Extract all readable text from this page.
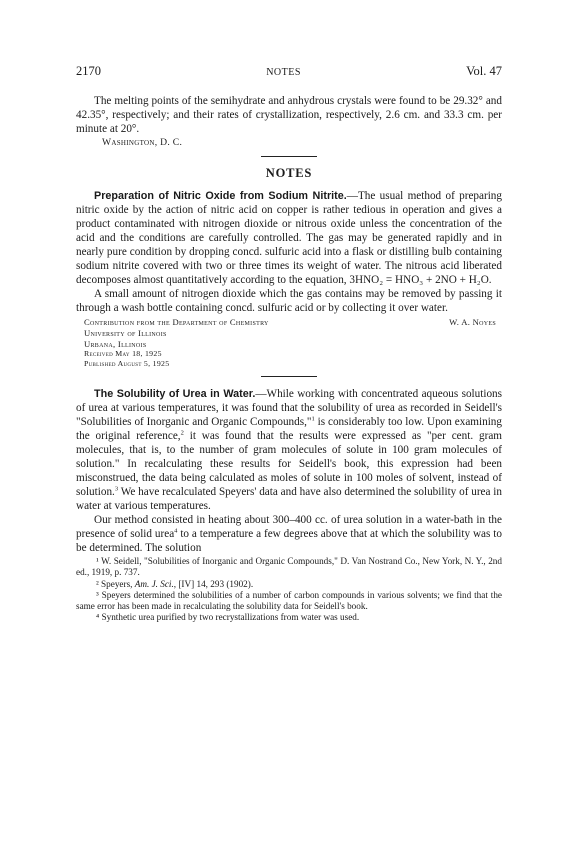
2170	NOTES	Vol. 47

The melting points of the semihydrate and anhydrous crystals were found to be 29.32° and 42.35°, respectively; and their rates of crystallization, respectively, 2.6 cm. and 33.3 cm. per minute at 20°.

Washington, D. C.
NOTES

Preparation of Nitric Oxide from Sodium Nitrite.—The usual method of preparing nitric oxide by the action of nitric acid on copper is rather tedious in operation and gives a product contaminated with nitrogen dioxide or nitrous oxide unless the concentration of the acid and the conditions are carefully controlled. The gas may be generated rapidly and in nearly pure condition by dropping concd. sulfuric acid into a flask or distilling bulb containing sodium nitrite covered with two or three times its weight of water. The nitrous acid liberated decomposes almost quantitatively according to the equation, 3HNO₂ = HNO₃ + 2NO + H₂O.

A small amount of nitrogen dioxide which the gas contains may be removed by passing it through a wash bottle containing concd. sulfuric acid or by collecting it over water.

Contribution from the Department of Chemistry	W. A. Noyes
University of Illinois
Urbana, Illinois
Received May 18, 1925
Published August 5, 1925

The Solubility of Urea in Water.—While working with concentrated aqueous solutions of urea at various temperatures, it was found that the solubility of urea as recorded in Seidell's "Solubilities of Inorganic and Organic Compounds,"$^1$ is considerably too low. Upon examining the original reference,$^2$ it was found that the results were expressed as "per cent. gram molecules, that is, to the number of gram molecules of solute in 100 gram molecules of solution." In recalculating these results for Seidell's book, this expression had been misconstrued, the data being calculated as moles of solute in 100 moles of solvent, instead of solution.$^3$ We have recalculated Speyers' data and have also determined the solubility of urea in water at various temperatures.

Our method consisted in heating about 300–400 cc. of urea solution in a water-bath in the presence of solid urea$^4$ to a temperature a few degrees above that at which the solubility was to be determined. The solution

¹ W. Seidell, "Solubilities of Inorganic and Organic Compounds," D. Van Nostrand Co., New York, N. Y., 2nd ed., 1919, p. 737.
² Speyers, Am. J. Sci., [IV] 14, 293 (1902).
³ Speyers determined the solubilities of a number of carbon compounds in various solvents; we find that the same error has been made in recalculating the solubility data for Seidell's book.
⁴ Synthetic urea purified by two recrystallizations from water was used.
